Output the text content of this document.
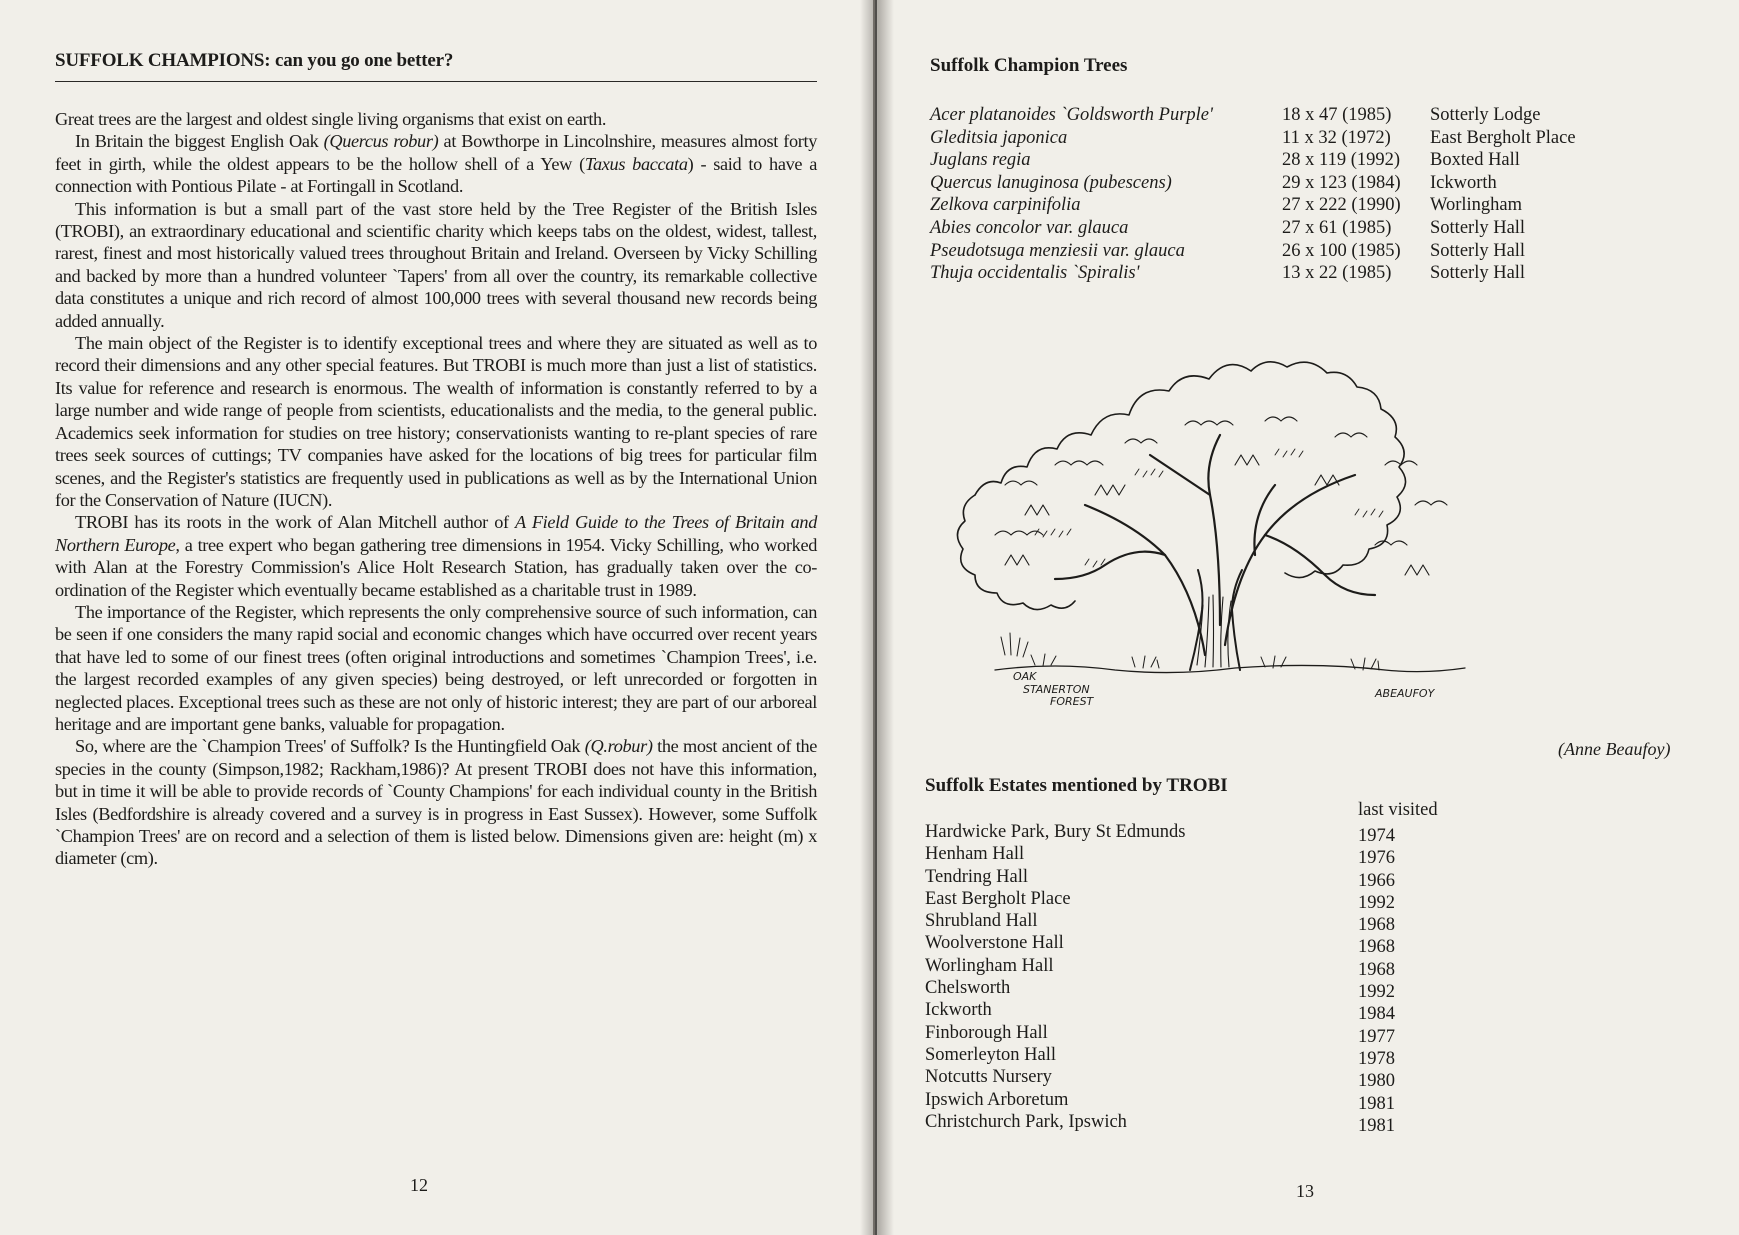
SUFFOLK CHAMPIONS: can you go one better?

Great trees are the largest and oldest single living organisms that exist on earth.

In Britain the biggest English Oak (Quercus robur) at Bowthorpe in Lincolnshire, measures almost forty feet in girth, while the oldest appears to be the hollow shell of a Yew (Taxus baccata) - said to have a connection with Pontious Pilate - at Fortingall in Scotland.

This information is but a small part of the vast store held by the Tree Register of the British Isles (TROBI), an extraordinary educational and scientific charity which keeps tabs on the oldest, widest, tallest, rarest, finest and most historically valued trees throughout Britain and Ireland. Overseen by Vicky Schilling and backed by more than a hundred volunteer `Tapers' from all over the country, its remarkable collective data constitutes a unique and rich record of almost 100,000 trees with several thousand new records being added annually.

The main object of the Register is to identify exceptional trees and where they are situated as well as to record their dimensions and any other special features. But TROBI is much more than just a list of statistics. Its value for reference and research is enormous. The wealth of information is constantly referred to by a large number and wide range of people from scientists, educationalists and the media, to the general public. Academics seek information for studies on tree history; conservationists wanting to re-plant species of rare trees seek sources of cuttings; TV companies have asked for the locations of big trees for particular film scenes, and the Register's statistics are frequently used in publications as well as by the International Union for the Conservation of Nature (IUCN).

TROBI has its roots in the work of Alan Mitchell author of A Field Guide to the Trees of Britain and Northern Europe, a tree expert who began gathering tree dimensions in 1954. Vicky Schilling, who worked with Alan at the Forestry Commission's Alice Holt Research Station, has gradually taken over the co-ordination of the Register which eventually became established as a charitable trust in 1989.

The importance of the Register, which represents the only comprehensive source of such information, can be seen if one considers the many rapid social and economic changes which have occurred over recent years that have led to some of our finest trees (often original introductions and sometimes `Champion Trees', i.e. the largest recorded examples of any given species) being destroyed, or left unrecorded or forgotten in neglected places. Exceptional trees such as these are not only of historic interest; they are part of our arboreal heritage and are important gene banks, valuable for propagation.

So, where are the `Champion Trees' of Suffolk? Is the Huntingfield Oak (Q.robur) the most ancient of the species in the county (Simpson,1982; Rackham,1986)? At present TROBI does not have this information, but in time it will be able to provide records of `County Champions' for each individual county in the British Isles (Bedfordshire is already covered and a survey is in progress in East Sussex). However, some Suffolk `Champion Trees' are on record and a selection of them is listed below. Dimensions given are: height (m) x diameter (cm).

12
Suffolk Champion Trees
Acer platanoides `Goldsworth Purple'	18 x 47 (1985) Sotterly Lodge
Gleditsia japonica	11 x 32 (1972) East Bergholt Place
Juglans regia	28 x 119 (1992) Boxted Hall
Quercus lanuginosa (pubescens)	29 x 123 (1984) Ickworth
Zelkova carpinifolia	27 x 222 (1990) Worlingham
Abies concolor var. glauca	27 x 61 (1985) Sotterly Hall
Pseudotsuga menziesii var. glauca	26 x 100 (1985) Sotterly Hall
Thuja occidentalis `Spiralis'	13 x 22 (1985) Sotterly Hall
OAK
STANERTON
FOREST
ABEAUFOY
(Anne Beaufoy)
Suffolk Estates mentioned by TROBI
last visited
Hardwicke Park, Bury St Edmunds	1974
Henham Hall	1976
Tendring Hall	1966
East Bergholt Place	1992
Shrubland Hall	1968
Woolverstone Hall	1968
Worlingham Hall	1968
Chelsworth	1992
Ickworth	1984
Finborough Hall	1977
Somerleyton Hall	1978
Notcutts Nursery	1980
Ipswich Arboretum	1981
Christchurch Park, Ipswich	1981
13
